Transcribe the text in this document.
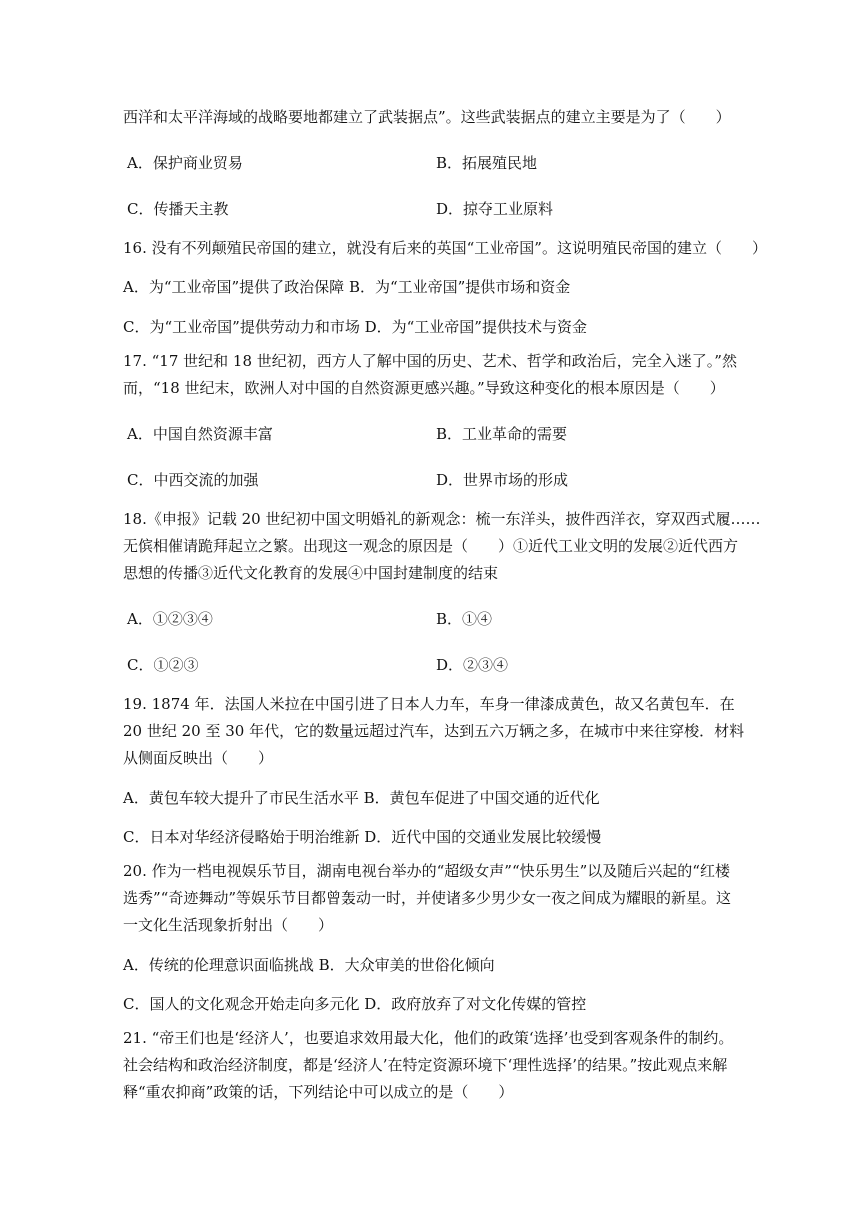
西洋和太平洋海域的战略要地都建立了武装据点”。这些武装据点的建立主要是为了（　　）
A．保护商业贸易	B．拓展殖民地
C．传播天主教	D．掠夺工业原料
16. 没有不列颠殖民帝国的建立，就没有后来的英国“工业帝国”。这说明殖民帝国的建立（　　）
A．为“工业帝国”提供了政治保障 B．为“工业帝国”提供市场和资金
C．为“工业帝国”提供劳动力和市场 D．为“工业帝国”提供技术与资金
17. “17 世纪和 18 世纪初，西方人了解中国的历史、艺术、哲学和政治后，完全入迷了。”然
而，“18 世纪末，欧洲人对中国的自然资源更感兴趣。”导致这种变化的根本原因是（　　）
A．中国自然资源丰富	B．工业革命的需要
C．中西交流的加强	D．世界市场的形成
18.《申报》记载 20 世纪初中国文明婚礼的新观念：梳一东洋头，披件西洋衣，穿双西式履……
无傧相催请跪拜起立之繁。出现这一观念的原因是（　　）①近代工业文明的发展②近代西方
思想的传播③近代文化教育的发展④中国封建制度的结束
A．①②③④	B．①④
C．①②③	D．②③④
19. 1874 年．法国人米拉在中国引进了日本人力车，车身一律漆成黄色，故又名黄包车．在
20 世纪 20 至 30 年代，它的数量远超过汽车，达到五六万辆之多，在城市中来往穿梭．材料
从侧面反映出（　　）
A．黄包车较大提升了市民生活水平 B．黄包车促进了中国交通的近代化
C．日本对华经济侵略始于明治维新 D．近代中国的交通业发展比较缓慢
20. 作为一档电视娱乐节目，湖南电视台举办的“超级女声”“快乐男生”以及随后兴起的“红楼
选秀”“奇迹舞动”等娱乐节目都曾轰动一时，并使诸多少男少女一夜之间成为耀眼的新星。这
一文化生活现象折射出（　　）
A．传统的伦理意识面临挑战 B．大众审美的世俗化倾向
C．国人的文化观念开始走向多元化 D．政府放弃了对文化传媒的管控
21. “帝王们也是‘经济人’，也要追求效用最大化，他们的政策‘选择’也受到客观条件的制约。
社会结构和政治经济制度，都是‘经济人’在特定资源环境下‘理性选择’的结果。”按此观点来解
释“重农抑商”政策的话，下列结论中可以成立的是（　　）
